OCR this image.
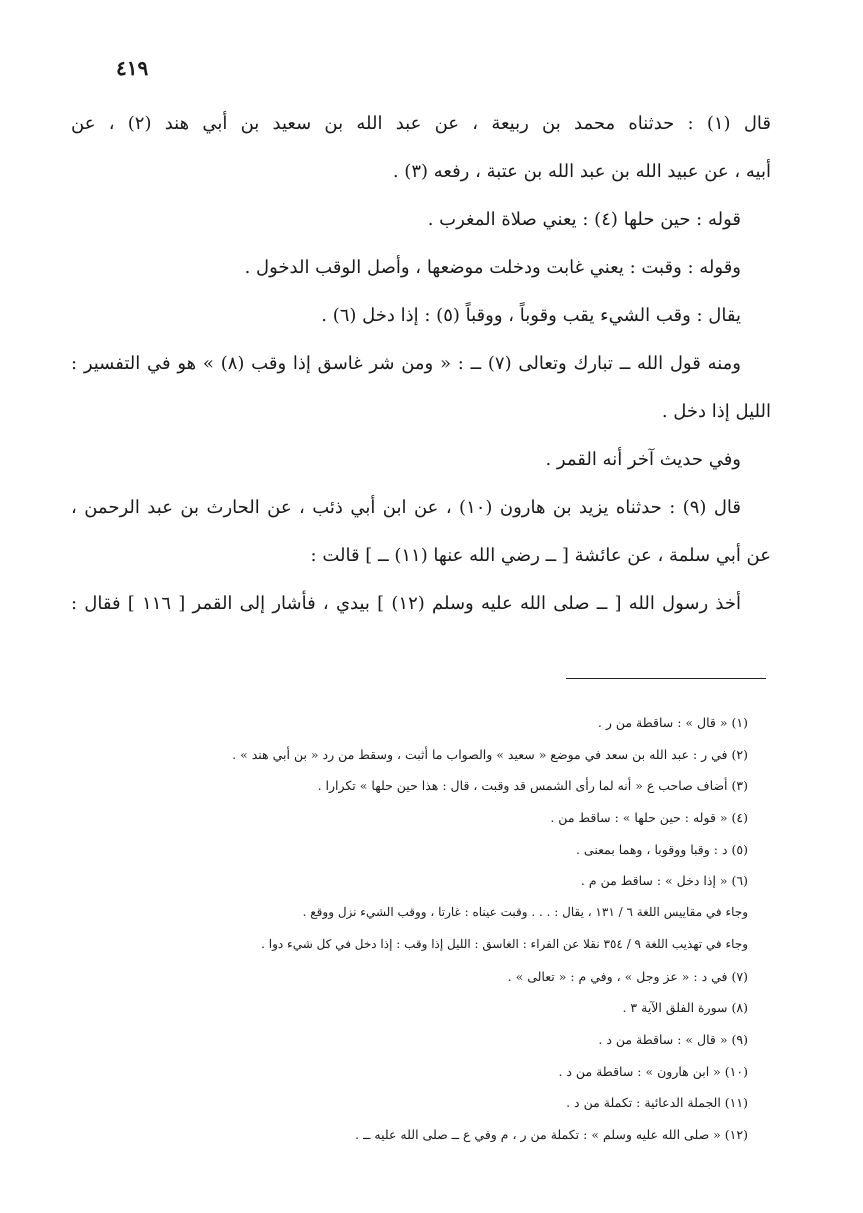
٤١٩
قال (١) : حدثناه محمد بن ربيعة ، عن عبد الله بن سعيد بن أبي هند (٢) ، عن
أبيه ، عن عبيد الله بن عبد الله بن عتبة ، رفعه (٣) .
قوله : حين حلها (٤) : يعني صلاة المغرب .
وقوله : وقبت : يعني غابت ودخلت موضعها ، وأصل الوقب الدخول .
يقال : وقب الشيء يقب وقوباً ، ووقباً (٥) : إذا دخل (٦) .
ومنه قول الله ــ تبارك وتعالى (٧) ــ : « ومن شر غاسق إذا وقب (٨) » هو في التفسير :
الليل إذا دخل .
وفي حديث آخر أنه القمر .
قال (٩) : حدثناه يزيد بن هارون (١٠) ، عن ابن أبي ذئب ، عن الحارث بن عبد الرحمن ،
عن أبي سلمة ، عن عائشة [ ــ رضي الله عنها (١١) ــ ] قالت :
أخذ رسول الله [ ــ صلى الله عليه وسلم (١٢) ] بيدي ، فأشار إلى القمر [ ١١٦ ] فقال :
(١) « قال » : ساقطة من ر .
(٢) في ر : عبد الله بن سعد في موضع « سعيد » والصواب ما أثبت ، وسقط من رد « بن أبي هند » .
(٣) أضاف صاحب ع « أنه لما رأى الشمس قد وقبت ، قال : هذا حين حلها » تكرارا .
(٤) « قوله : حين حلها » : ساقط من .
(٥) د : وقبا ووقوبا ، وهما بمعنى .
(٦) « إذا دخل » : ساقط من م .
وجاء في مقاييس اللغة ٦ / ١٣١ ، يقال : . . . وقبت عيناه : غارتا ، ووقب الشيء نزل ووقع .
وجاء في تهذيب اللغة ٩ / ٣٥٤ نقلا عن الفراء : الغاسق : الليل إذا وقب : إذا دخل في كل شيء دوا .
(٧) في د : « عز وجل » ، وفي م : « تعالى » .
(٨) سورة الفلق الآية ٣ .
(٩) « قال » : ساقطة من د .
(١٠) « ابن هارون » : ساقطة من د .
(١١) الجملة الدعائية : تكملة من د .
(١٢) « صلى الله عليه وسلم » : تكملة من ر ، م وفي ع ــ صلى الله عليه ــ .
